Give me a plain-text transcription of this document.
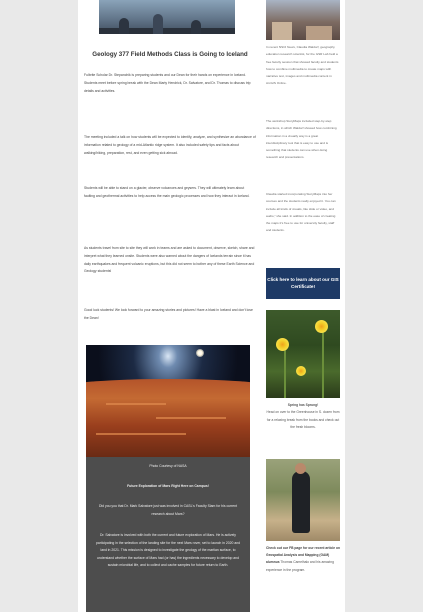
Geology 377 Field Methods Class is Going to Iceland
Fulbrite Scholar Dr. Stepanchik is preparing students and our Dean for their hands on experience in Iceland. Students meet before spring break with the Dean Marty Hendrick, Dr. Salvatore, and Dr. Thomas to discuss trip details and activities.
The meeting included a talk on how students will be expected to identify, analyze, and synthesize an abundance of information related to geology of a mid-Atlantic ridge system. It also included safety tips and facts about walking/hiking, preparation, rest, and even getting sick abroad.
Students will be able to stand on a glacier, observe volcanoes and geysers. They will ultimately learn about faulting and geothermal activities to help access the main geologic processes and how they interact in Iceland.
As students travel from site to site they will work in teams and are asked to document, observe, sketch, share and interpret what they learned onsite. Students were also warned about the dangers of Icelands terrain since it has daily earthquakes and frequent volcanic eruptions, but this did not seem to bother any of these Earth Science and Geology students!
Good luck students! We look forward to your amazing stories and pictures! Have a blast in Iceland and don't lose the Dean!
Photo Courtesy of NASA
Future Exploration of Mars Right Here on Campus!
Did you you that Dr. Mark Salvatore just was involved in CASL's Faculty Slam for his current research about Mars?
Dr. Salvatore is involved with both the current and future exploration of Mars. He is actively participating in the selection of the landing site for the next Mars rover, set to launch in 2020 and land in 2021. This mission is designed to investigate the geology of the martian surface, to understand whether the surface of Mars had (or has) the ingredients necessary to develop and sustain microbial life, and to collect and cache samples for future return to Earth.
In recent NSCI News, Claudia Waldorf, geography education research scientist, for the GSR Lab held a free faculty session that showed faculty and students how to combine multimedia to create maps with narrative text, images and multimedia content in ArcGIS Online.
The workshop StoryMaps included step-by-step directions, in which Waldorf showed how combining information in a visually way is a great interdisciplinary tool that is easy to use and is something that students can use when doing research and presentations.
Claudia started incorporating StoryMaps into her courses and the students really enjoyed it. You can include all kinds of visuals, like slide or video, and audio," she said. In addition to the ease of creating the maps it's free to use for university faculty, staff and students.
Click here to learn about our GIS Certificate!
Spring has Sprung!
Head on over to the Greenhouse in S. dozen from for a relaxing break from the books and check out the fresh blooms.
Check out our FB page for our recent article on Geospatial Analysis and Mapping (GAM) alumnus Thomas Camelhalo and his amazing experience in the program.
